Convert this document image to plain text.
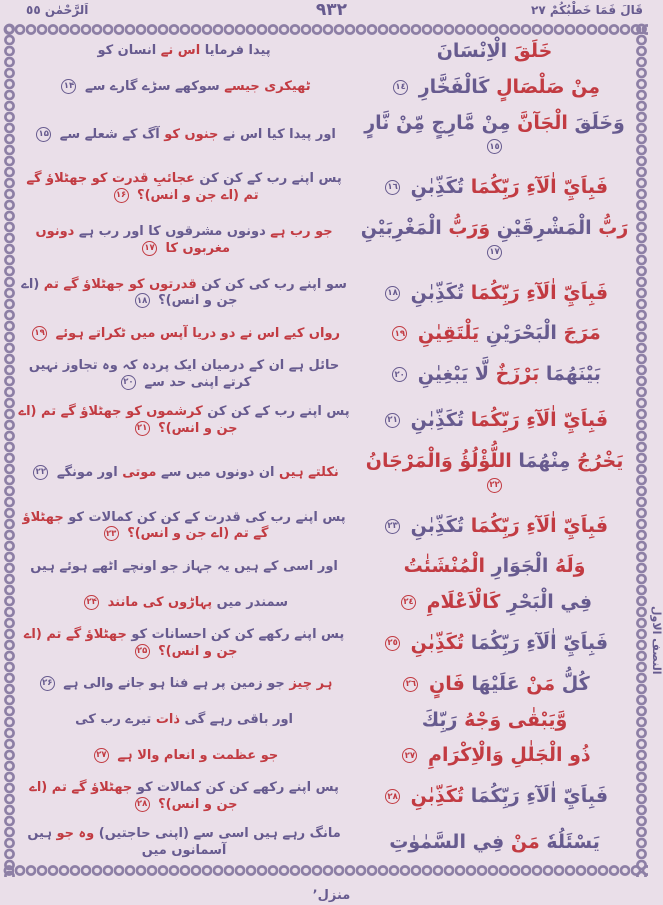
قَالَ فَمَا خَطْبُكُمْ ٢٧
٩٣٢
اَلرَّحْمٰن ٥٥
خَلَقَ الْاِنْسَانَ
پیدا فرمایا اس نے انسان کو
مِنْ صَلْصَالٍ كَالْفَخَّارِ ١٤
ٹھیکری جیسے سوکھے سڑے گارے سے ۱۴
وَخَلَقَ الْجَآنَّ مِنْ مَّارِجٍ مِّنْ نَّارٍ ١٥
اور پیدا کیا اس نے جنوں کو آگ کے شعلے سے ۱۵
فَبِاَيِّ اٰلَآءِ رَبِّكُمَا تُكَذِّبٰنِ ١٦
پس اپنے رب کے کن کن عجائبِ قدرت کو جھٹلاؤ گے تم (اے جن و انس)؟ ۱۶
رَبُّ الْمَشْرِقَيْنِ وَرَبُّ الْمَغْرِبَيْنِ ١٧
جو رب ہے دونوں مشرقوں کا اور رب ہے دونوں مغربوں کا ۱۷
فَبِاَيِّ اٰلَآءِ رَبِّكُمَا تُكَذِّبٰنِ ١٨
سو اپنے رب کی کن کن قدرتوں کو جھٹلاؤ گے تم (اے جن و انس)؟ ۱۸
مَرَجَ الْبَحْرَيْنِ يَلْتَقِيٰنِ ١٩
رواں کیے اس نے دو دریا آپس میں ٹکراتے ہوئے ۱۹
بَيْنَهُمَا بَرْزَخٌ لَّا يَبْغِيٰنِ ٢٠
حائل ہے ان کے درمیان ایک پردہ کہ وہ تجاوز نہیں کرتے اپنی حد سے ۲۰
فَبِاَيِّ اٰلَآءِ رَبِّكُمَا تُكَذِّبٰنِ ٢١
پس اپنے رب کے کن کن کرشموں کو جھٹلاؤ گے تم (اے جن و انس)؟ ۲۱
يَخْرُجُ مِنْهُمَا اللُّؤْلُؤُ وَالْمَرْجَانُ ٢٢
نکلتے ہیں ان دونوں میں سے موتی اور مونگے ۲۲
فَبِاَيِّ اٰلَآءِ رَبِّكُمَا تُكَذِّبٰنِ ٢٣
پس اپنے رب کی قدرت کے کن کن کمالات کو جھٹلاؤ گے تم (اے جن و انس)؟ ۲۳
وَلَهُ الْجَوَارِ الْمُنْشَئٰتُ
اور اسی کے ہیں یہ جہاز جو اونچے اٹھے ہوئے ہیں
فِي الْبَحْرِ كَالْاَعْلَامِ ٢٤
سمندر میں پہاڑوں کی مانند ۲۴
فَبِاَيِّ اٰلَآءِ رَبِّكُمَا تُكَذِّبٰنِ ٢٥
پس اپنے رکھے کن کن احسانات کو جھٹلاؤ گے تم (اے جن و انس)؟ ۲۵
كُلُّ مَنْ عَلَيْهَا فَانٍ ٢٦
ہر چیز جو زمین پر ہے فنا ہو جانے والی ہے ۲۶
وَّيَبْقٰى وَجْهُ رَبِّكَ
اور باقی رہے گی ذات تیرے رب کی
ذُو الْجَلٰلِ وَالْاِكْرَامِ ٢٧
جو عظمت و انعام والا ہے ۲۷
فَبِاَيِّ اٰلَآءِ رَبِّكُمَا تُكَذِّبٰنِ ٢٨
پس اپنے رکھے کن کن کمالات کو جھٹلاؤ گے تم (اے جن و انس)؟ ۲۸
يَسْئَلُهٗ مَنْ فِي السَّمٰوٰتِ
مانگ رہے ہیں اسی سے (اپنی حاجتیں) وہ جو ہیں آسمانوں میں
النصف الاول
منزل٬
